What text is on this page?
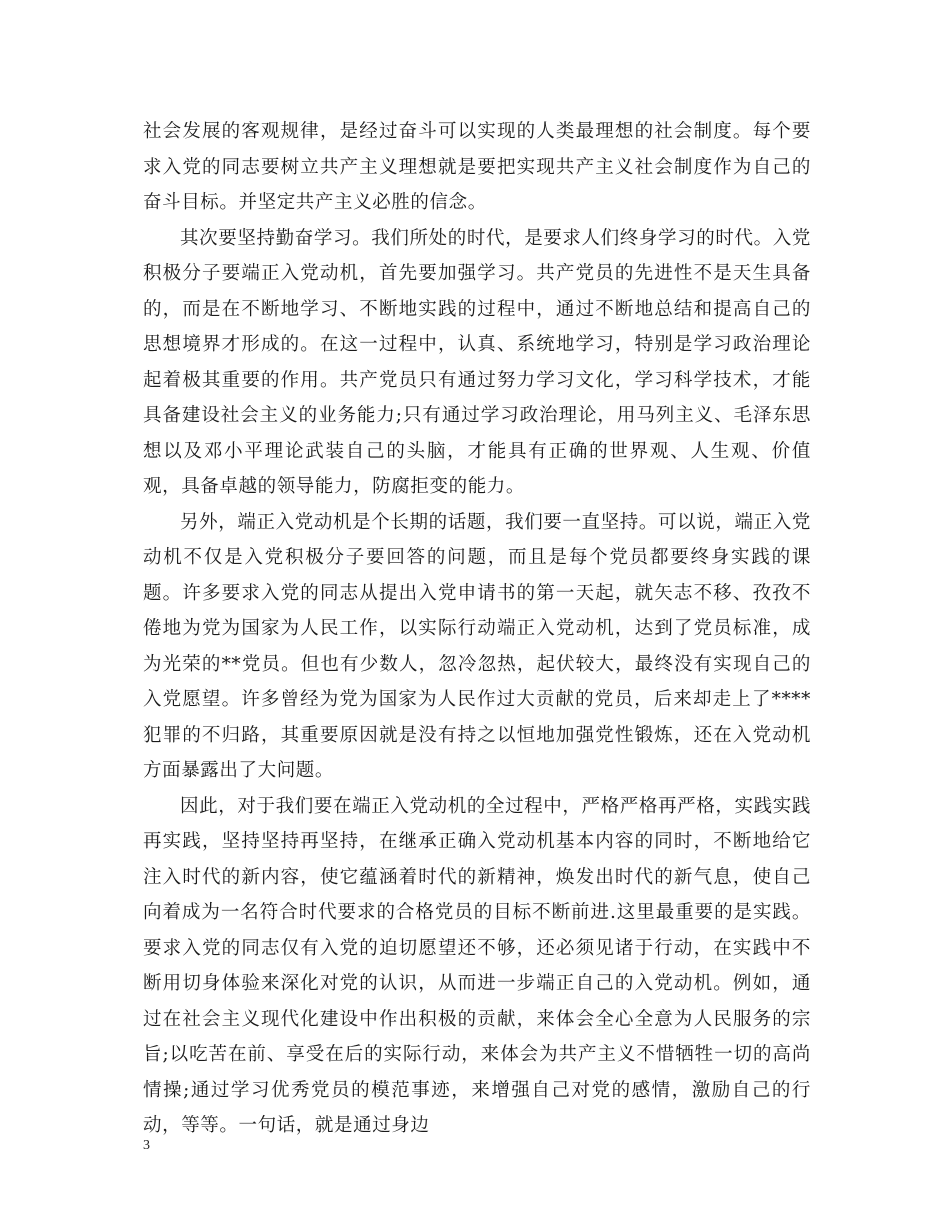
社会发展的客观规律，是经过奋斗可以实现的人类最理想的社会制度。每个要求入党的同志要树立共产主义理想就是要把实现共产主义社会制度作为自己的奋斗目标。并坚定共产主义必胜的信念。

其次要坚持勤奋学习。我们所处的时代，是要求人们终身学习的时代。入党积极分子要端正入党动机，首先要加强学习。共产党员的先进性不是天生具备的，而是在不断地学习、不断地实践的过程中，通过不断地总结和提高自己的思想境界才形成的。在这一过程中，认真、系统地学习，特别是学习政治理论起着极其重要的作用。共产党员只有通过努力学习文化，学习科学技术，才能具备建设社会主义的业务能力;只有通过学习政治理论，用马列主义、毛泽东思想以及邓小平理论武装自己的头脑，才能具有正确的世界观、人生观、价值观，具备卓越的领导能力，防腐拒变的能力。

另外，端正入党动机是个长期的话题，我们要一直坚持。可以说，端正入党动机不仅是入党积极分子要回答的问题，而且是每个党员都要终身实践的课题。许多要求入党的同志从提出入党申请书的第一天起，就矢志不移、孜孜不倦地为党为国家为人民工作，以实际行动端正入党动机，达到了党员标准，成为光荣的**党员。但也有少数人，忽冷忽热，起伏较大，最终没有实现自己的入党愿望。许多曾经为党为国家为人民作过大贡献的党员，后来却走上了****犯罪的不归路，其重要原因就是没有持之以恒地加强党性锻炼，还在入党动机方面暴露出了大问题。

因此，对于我们要在端正入党动机的全过程中，严格严格再严格，实践实践再实践，坚持坚持再坚持，在继承正确入党动机基本内容的同时，不断地给它注入时代的新内容，使它蕴涵着时代的新精神，焕发出时代的新气息，使自己向着成为一名符合时代要求的合格党员的目标不断前进.这里最重要的是实践。要求入党的同志仅有入党的迫切愿望还不够，还必须见诸于行动，在实践中不断用切身体验来深化对党的认识，从而进一步端正自己的入党动机。例如，通过在社会主义现代化建设中作出积极的贡献，来体会全心全意为人民服务的宗旨;以吃苦在前、享受在后的实际行动，来体会为共产主义不惜牺牲一切的高尚情操;通过学习优秀党员的模范事迹，来增强自己对党的感情，激励自己的行动，等等。一句话，就是通过身边

3
